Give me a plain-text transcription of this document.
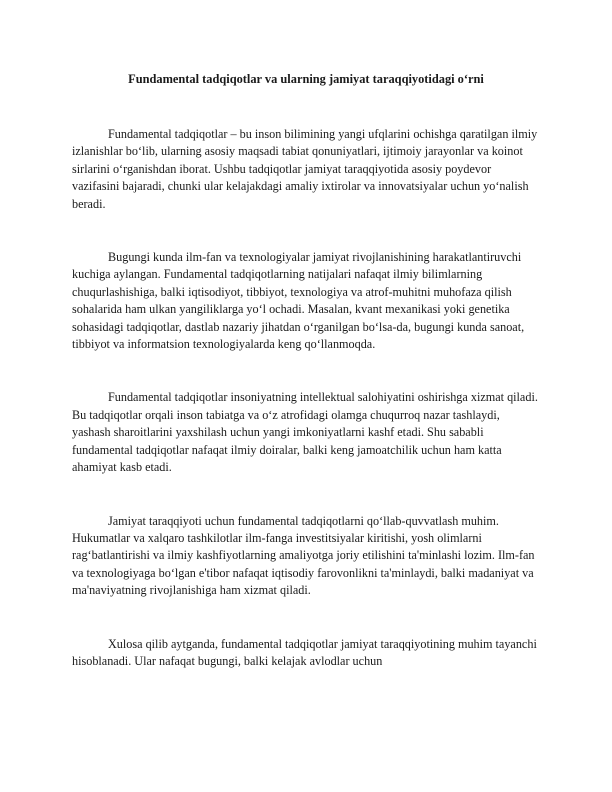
Fundamental tadqiqotlar va ularning jamiyat taraqqiyotidagi o‘rni

Fundamental tadqiqotlar – bu inson bilimining yangi ufqlarini ochishga qaratilgan ilmiy izlanishlar bo‘lib, ularning asosiy maqsadi tabiat qonuniyatlari, ijtimoiy jarayonlar va koinot sirlarini o‘rganishdan iborat. Ushbu tadqiqotlar jamiyat taraqqiyotida asosiy poydevor vazifasini bajaradi, chunki ular kelajakdagi amaliy ixtirolar va innovatsiyalar uchun yo‘nalish beradi.

Bugungi kunda ilm-fan va texnologiyalar jamiyat rivojlanishining harakatlantiruvchi kuchiga aylangan. Fundamental tadqiqotlarning natijalari nafaqat ilmiy bilimlarning chuqurlashishiga, balki iqtisodiyot, tibbiyot, texnologiya va atrof-muhitni muhofaza qilish sohalarida ham ulkan yangiliklarga yo‘l ochadi. Masalan, kvant mexanikasi yoki genetika sohasidagi tadqiqotlar, dastlab nazariy jihatdan o‘rganilgan bo‘lsa-da, bugungi kunda sanoat, tibbiyot va informatsion texnologiyalarda keng qo‘llanmoqda.

Fundamental tadqiqotlar insoniyatning intellektual salohiyatini oshirishga xizmat qiladi. Bu tadqiqotlar orqali inson tabiatga va o‘z atrofidagi olamga chuqurroq nazar tashlaydi, yashash sharoitlarini yaxshilash uchun yangi imkoniyatlarni kashf etadi. Shu sababli fundamental tadqiqotlar nafaqat ilmiy doiralar, balki keng jamoatchilik uchun ham katta ahamiyat kasb etadi.

Jamiyat taraqqiyoti uchun fundamental tadqiqotlarni qo‘llab-quvvatlash muhim. Hukumatlar va xalqaro tashkilotlar ilm-fanga investitsiyalar kiritishi, yosh olimlarni rag‘batlantirishi va ilmiy kashfiyotlarning amaliyotga joriy etilishini ta'minlashi lozim. Ilm-fan va texnologiyaga bo‘lgan e'tibor nafaqat iqtisodiy farovonlikni ta'minlaydi, balki madaniyat va ma'naviyatning rivojlanishiga ham xizmat qiladi.

Xulosa qilib aytganda, fundamental tadqiqotlar jamiyat taraqqiyotining muhim tayanchi hisoblanadi. Ular nafaqat bugungi, balki kelajak avlodlar uchun
